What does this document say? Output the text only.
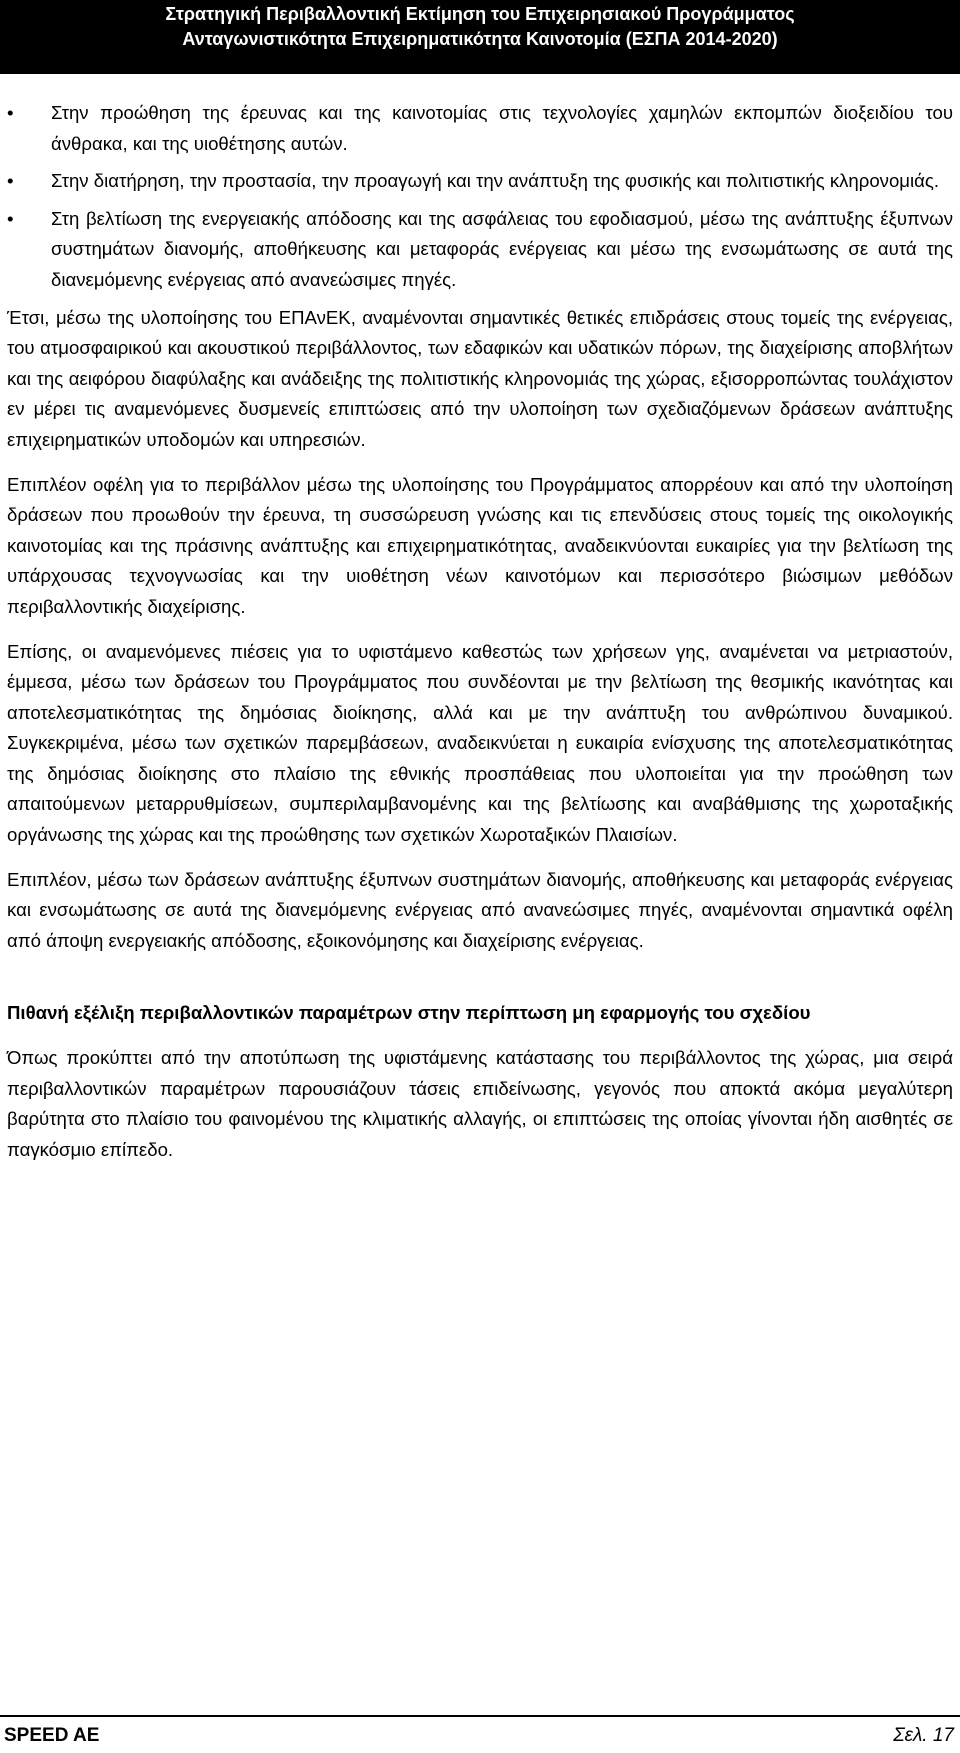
Στρατηγική Περιβαλλοντική Εκτίμηση του Επιχειρησιακού Προγράμματος
Ανταγωνιστικότητα Επιχειρηματικότητα Καινοτομία (ΕΣΠΑ 2014-2020)
• Στην προώθηση της έρευνας και της καινοτομίας στις τεχνολογίες χαμηλών εκπομπών διοξειδίου του άνθρακα, και της υιοθέτησης αυτών.
• Στην διατήρηση, την προστασία, την προαγωγή και την ανάπτυξη της φυσικής και πολιτιστικής κληρονομιάς.
• Στη βελτίωση της ενεργειακής απόδοσης και της ασφάλειας του εφοδιασμού, μέσω της ανάπτυξης έξυπνων συστημάτων διανομής, αποθήκευσης και μεταφοράς ενέργειας και μέσω της ενσωμάτωσης σε αυτά της διανεμόμενης ενέργειας από ανανεώσιμες πηγές.

Έτσι, μέσω της υλοποίησης του ΕΠΑνΕΚ, αναμένονται σημαντικές θετικές επιδράσεις στους τομείς της ενέργειας, του ατμοσφαιρικού και ακουστικού περιβάλλοντος, των εδαφικών και υδατικών πόρων, της διαχείρισης αποβλήτων και της αειφόρου διαφύλαξης και ανάδειξης της πολιτιστικής κληρονομιάς της χώρας, εξισορροπώντας τουλάχιστον εν μέρει τις αναμενόμενες δυσμενείς επιπτώσεις από την υλοποίηση των σχεδιαζόμενων δράσεων ανάπτυξης επιχειρηματικών υποδομών και υπηρεσιών.

Επιπλέον οφέλη για το περιβάλλον μέσω της υλοποίησης του Προγράμματος απορρέουν και από την υλοποίηση δράσεων που προωθούν την έρευνα, τη συσσώρευση γνώσης και τις επενδύσεις στους τομείς της οικολογικής καινοτομίας και της πράσινης ανάπτυξης και επιχειρηματικότητας, αναδεικνύονται ευκαιρίες για την βελτίωση της υπάρχουσας τεχνογνωσίας και την υιοθέτηση νέων καινοτόμων και περισσότερο βιώσιμων μεθόδων περιβαλλοντικής διαχείρισης.

Επίσης, οι αναμενόμενες πιέσεις για το υφιστάμενο καθεστώς των χρήσεων γης, αναμένεται να μετριαστούν, έμμεσα, μέσω των δράσεων του Προγράμματος που συνδέονται με την βελτίωση της θεσμικής ικανότητας και αποτελεσματικότητας της δημόσιας διοίκησης, αλλά και με την ανάπτυξη του ανθρώπινου δυναμικού. Συγκεκριμένα, μέσω των σχετικών παρεμβάσεων, αναδεικνύεται η ευκαιρία ενίσχυσης της αποτελεσματικότητας της δημόσιας διοίκησης στο πλαίσιο της εθνικής προσπάθειας που υλοποιείται για την προώθηση των απαιτούμενων μεταρρυθμίσεων, συμπεριλαμβανομένης και της βελτίωσης και αναβάθμισης της χωροταξικής οργάνωσης της χώρας και της προώθησης των σχετικών Χωροταξικών Πλαισίων.

Επιπλέον, μέσω των δράσεων ανάπτυξης έξυπνων συστημάτων διανομής, αποθήκευσης και μεταφοράς ενέργειας και ενσωμάτωσης σε αυτά της διανεμόμενης ενέργειας από ανανεώσιμες πηγές, αναμένονται σημαντικά οφέλη από άποψη ενεργειακής απόδοσης, εξοικονόμησης και διαχείρισης ενέργειας.

Πιθανή εξέλιξη περιβαλλοντικών παραμέτρων στην περίπτωση μη εφαρμογής του σχεδίου

Όπως προκύπτει από την αποτύπωση της υφιστάμενης κατάστασης του περιβάλλοντος της χώρας, μια σειρά περιβαλλοντικών παραμέτρων παρουσιάζουν τάσεις επιδείνωσης, γεγονός που αποκτά ακόμα μεγαλύτερη βαρύτητα στο πλαίσιο του φαινομένου της κλιματικής αλλαγής, οι επιπτώσεις της οποίας γίνονται ήδη αισθητές σε παγκόσμιο επίπεδο.

SPEED AE	Σελ. 17
